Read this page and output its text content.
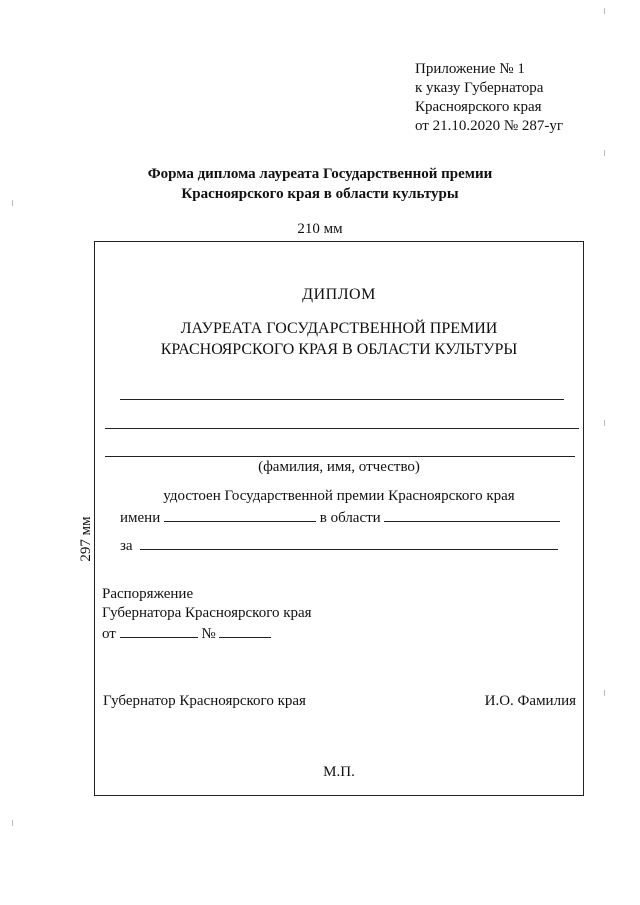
Приложение № 1
к указу Губернатора
Красноярского края
от 21.10.2020 № 287-уг
Форма диплома лауреата Государственной премии
Красноярского края в области культуры
210 мм
297 мм
ДИПЛОМ
ЛАУРЕАТА ГОСУДАРСТВЕННОЙ ПРЕМИИ
КРАСНОЯРСКОГО КРАЯ В ОБЛАСТИ КУЛЬТУРЫ
(фамилия, имя, отчество)
удостоен Государственной премии Красноярского края
имени	в области
за
Распоряжение
Губернатора Красноярского края
от	№
Губернатор Красноярского края	И.О. Фамилия
М.П.
